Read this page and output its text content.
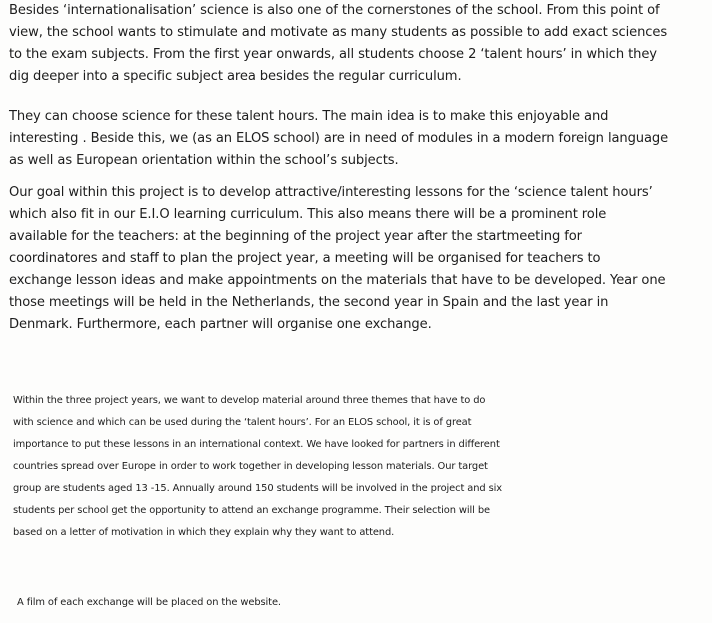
Besides ‘internationalisation’ science is also one of the cornerstones of the school. From this point of
view, the school wants to stimulate and motivate as many students as possible to add exact sciences
to the exam subjects. From the first year onwards, all students choose 2 ‘talent hours’ in which they
dig deeper into a specific subject area besides the regular curriculum.
They can choose science for these talent hours. The main idea is to make this enjoyable and
interesting . Beside this, we (as an ELOS school) are in need of modules in a modern foreign language
as well as European orientation within the school’s subjects.
Our goal within this project is to develop attractive/interesting lessons for the ‘science talent hours’
which also fit in our E.I.O learning curriculum. This also means there will be a prominent role
available for the teachers: at the beginning of the project year after the startmeeting for
coordinatores and staff to plan the project year, a meeting will be organised for teachers to
exchange lesson ideas and make appointments on the materials that have to be developed. Year one
those meetings will be held in the Netherlands, the second year in Spain and the last year in
Denmark. Furthermore, each partner will organise one exchange.
Within the three project years, we want to develop material around three themes that have to do
with science and which can be used during the ‘talent hours’. For an ELOS school, it is of great
importance to put these lessons in an international context. We have looked for partners in different
countries spread over Europe in order to work together in developing lesson materials. Our target
group are students aged 13 -15. Annually around 150 students will be involved in the project and six
students per school get the opportunity to attend an exchange programme. Their selection will be
based on a letter of motivation in which they explain why they want to attend.
A film of each exchange will be placed on the website.
